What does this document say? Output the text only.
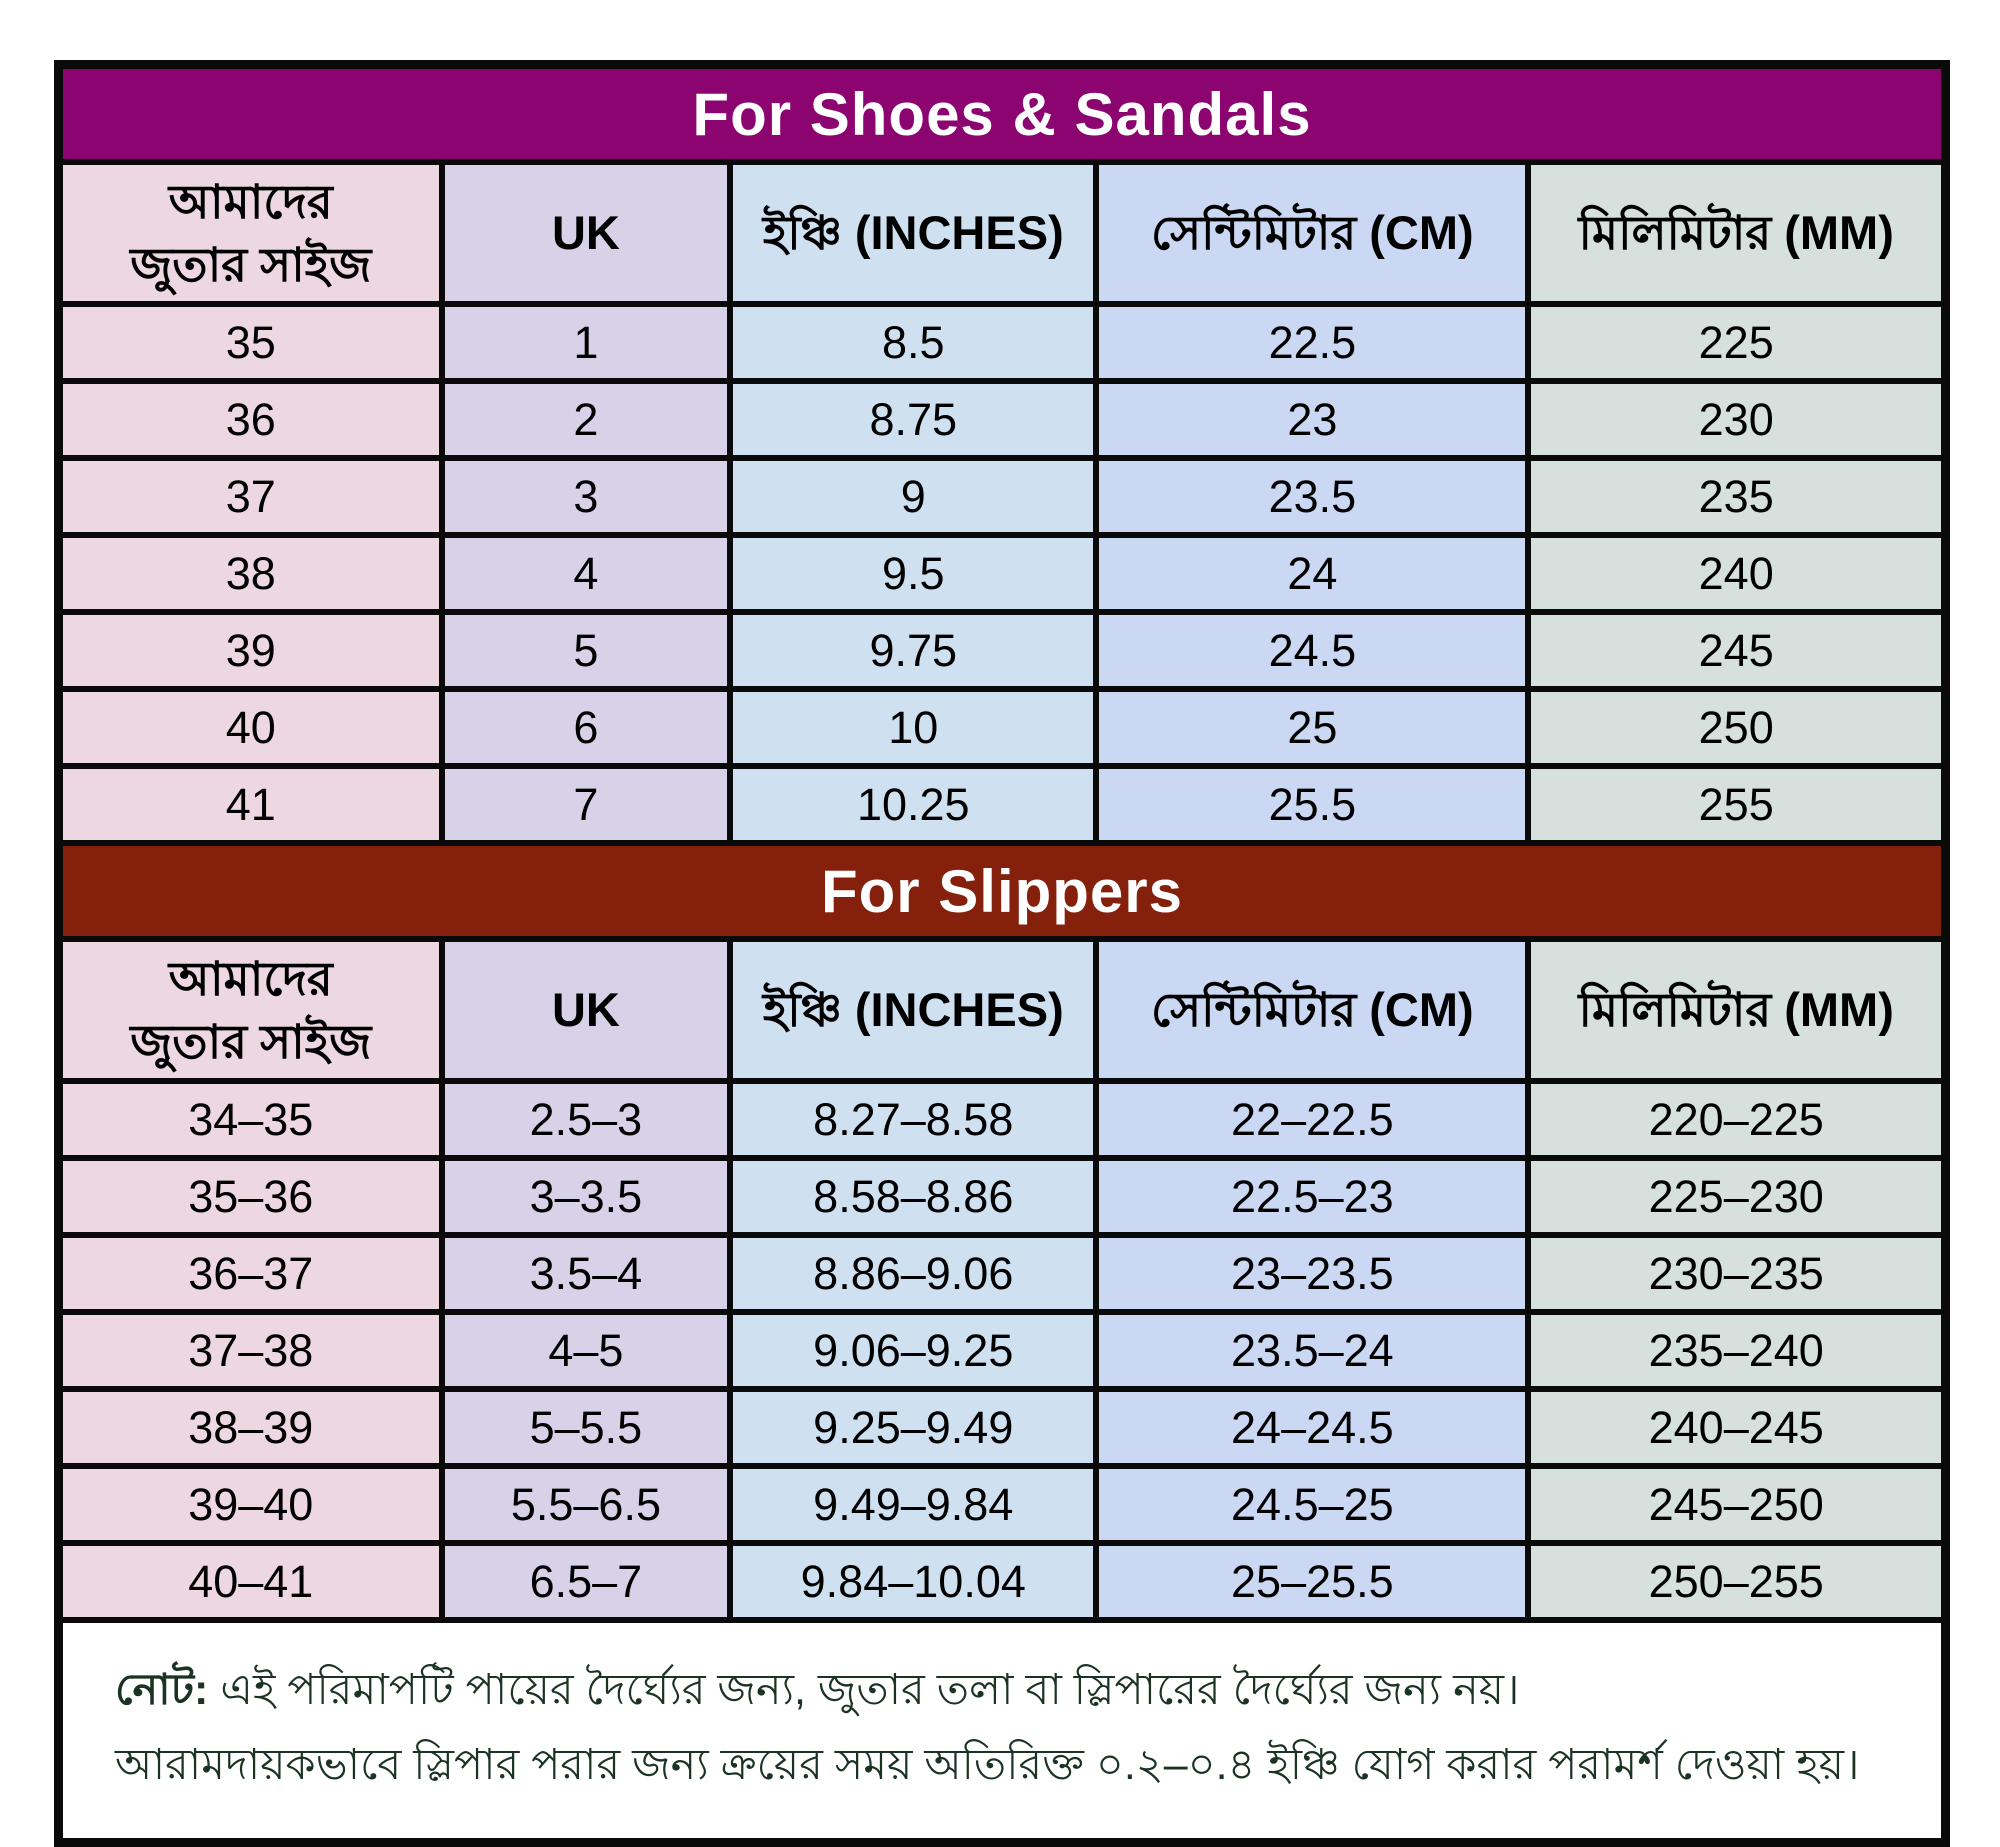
For Shoes & Sandals				
আমাদের
জুতার সাইজ	UK	ইঞ্চি (INCHES)	সেন্টিমিটার (CM)	মিলিমিটার (MM)
35	1	8.5	22.5	225
36	2	8.75	23	230
37	3	9	23.5	235
38	4	9.5	24	240
39	5	9.75	24.5	245
40	6	10	25	250
41	7	10.25	25.5	255
For Slippers				
আমাদের
জুতার সাইজ	UK	ইঞ্চি (INCHES)	সেন্টিমিটার (CM)	মিলিমিটার (MM)
34–35	2.5–3	8.27–8.58	22–22.5	220–225
35–36	3–3.5	8.58–8.86	22.5–23	225–230
36–37	3.5–4	8.86–9.06	23–23.5	230–235
37–38	4–5	9.06–9.25	23.5–24	235–240
38–39	5–5.5	9.25–9.49	24–24.5	240–245
39–40	5.5–6.5	9.49–9.84	24.5–25	245–250
40–41	6.5–7	9.84–10.04	25–25.5	250–255
নোট: এই পরিমাপটি পায়ের দৈর্ঘ্যের জন্য, জুতার তলা বা স্লিপারের দৈর্ঘ্যের জন্য নয়।
আরামদায়কভাবে স্লিপার পরার জন্য ক্রয়ের সময় অতিরিক্ত ০.২–০.৪ ইঞ্চি যোগ করার পরামর্শ দেওয়া হয়।				
